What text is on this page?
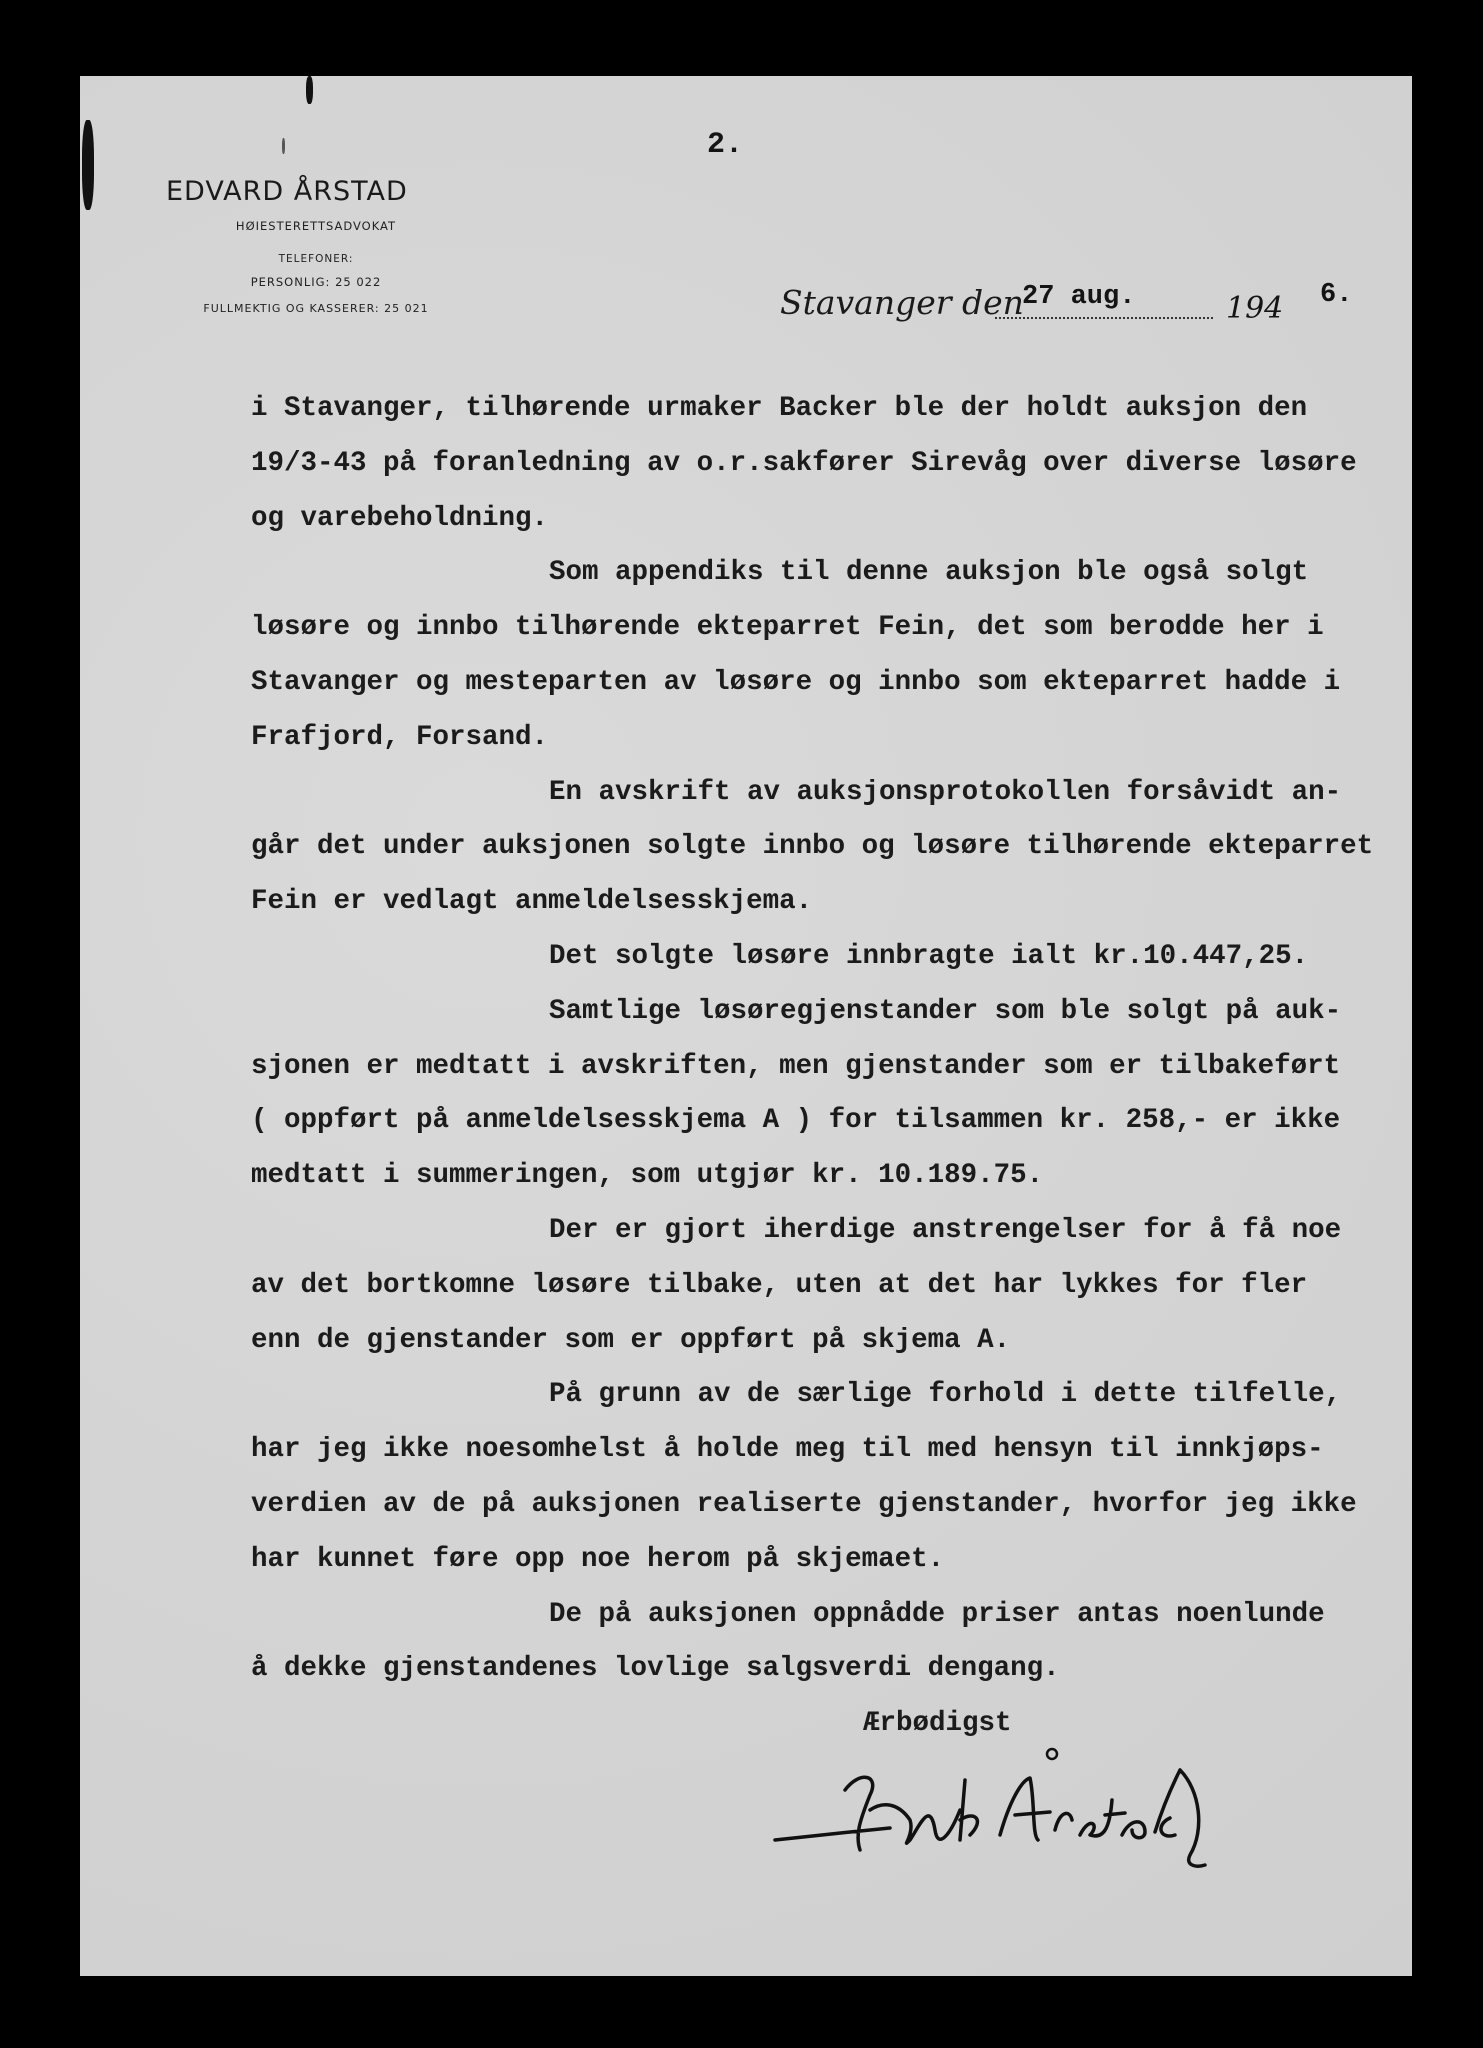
2.
EDVARD ÅRSTAD
HØIESTERETTSADVOKAT
TELEFONER:
PERSONLIG: 25 022
FULLMEKTIG OG KASSERER: 25 021	Stavanger den
27 aug.	194 6.
i Stavanger, tilhørende urmaker Backer ble der holdt auksjon den
19/3-43 på foranledning av o.r.sakfører Sirevåg over diverse løsøre
og varebeholdning.
Som appendiks til denne auksjon ble også solgt
løsøre og innbo tilhørende ekteparret Fein, det som berodde her i
Stavanger og mesteparten av løsøre og innbo som ekteparret hadde i
Frafjord, Forsand.
En avskrift av auksjonsprotokollen forsåvidt an-
går det under auksjonen solgte innbo og løsøre tilhørende ekteparret
Fein er vedlagt anmeldelsesskjema.
Det solgte løsøre innbragte ialt kr.10.447,25.
Samtlige løsøregjenstander som ble solgt på auk-
sjonen er medtatt i avskriften, men gjenstander som er tilbakeført
( oppført på anmeldelsesskjema A ) for tilsammen kr. 258,- er ikke
medtatt i summeringen, som utgjør kr. 10.189.75.
Der er gjort iherdige anstrengelser for å få noe
av det bortkomne løsøre tilbake, uten at det har lykkes for fler
enn de gjenstander som er oppført på skjema A.
På grunn av de særlige forhold i dette tilfelle,
har jeg ikke noesomhelst å holde meg til med hensyn til innkjøps-
verdien av de på auksjonen realiserte gjenstander, hvorfor jeg ikke
har kunnet føre opp noe herom på skjemaet.
De på auksjonen oppnådde priser antas noenlunde
å dekke gjenstandenes lovlige salgsverdi dengang.
Ærbødigst
